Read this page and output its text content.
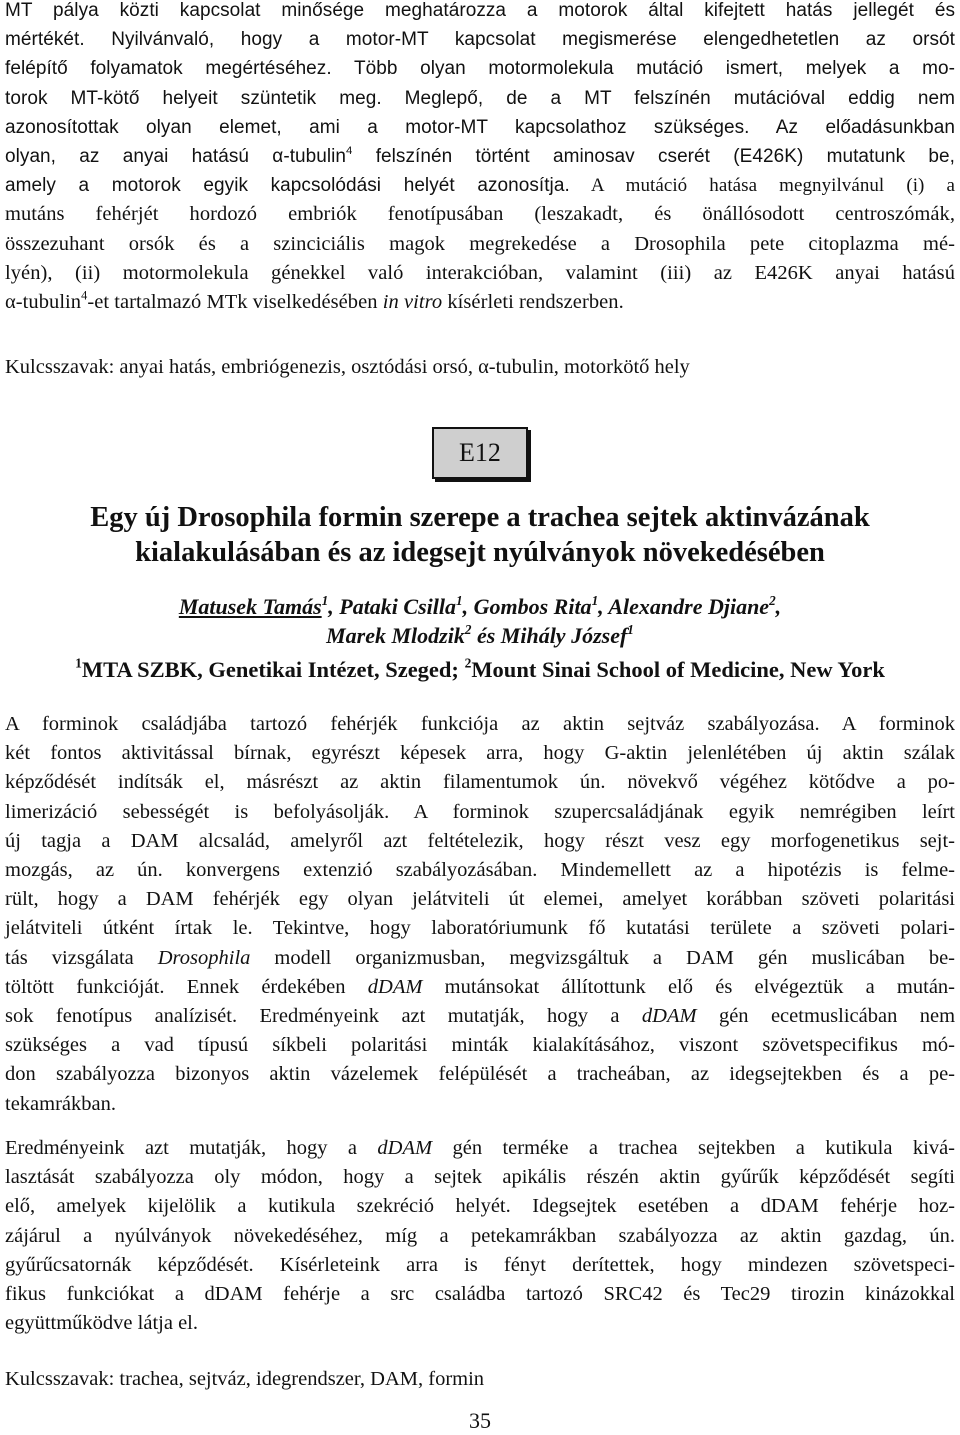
MT pálya közti kapcsolat minősége meghatározza a motorok által kifejtett hatás jellegét és
mértékét. Nyilvánvaló, hogy a motor-MT kapcsolat megismerése elengedhetetlen az orsót
felépítő folyamatok megértéséhez. Több olyan motormolekula mutáció ismert, melyek a mo-
torok MT-kötő helyeit szüntetik meg. Meglepő, de a MT felszínén mutációval eddig nem
azonosítottak olyan elemet, ami a motor-MT kapcsolathoz szükséges. Az előadásunkban
olyan, az anyai hatású α-tubulin$^4$ felszínén történt aminosav cserét (E426K) mutatunk be,
amely a motorok egyik kapcsolódási helyét azonosítja. A mutáció hatása megnyilvánul (i) a
mutáns fehérjét hordozó embriók fenotípusában (leszakadt, és önállósodott centroszómák,
összezuhant orsók és a szinciciális magok megrekedése a Drosophila pete citoplazma mé-
lyén), (ii) motormolekula génekkel való interakcióban, valamint (iii) az E426K anyai hatású
α-tubulin$^4$-et tartalmazó MTk viselkedésében in vitro kísérleti rendszerben.

Kulcsszavak: anyai hatás, embriógenezis, osztódási orsó, α-tubulin, motorkötő hely

E12
Egy új Drosophila formin szerepe a trachea sejtek aktinvázának
kialakulásában és az idegsejt nyúlványok növekedésében
Matusek Tamás$^1$, Pataki Csilla$^1$, Gombos Rita$^1$, Alexandre Djiane$^2$,
Marek Mlodzik$^2$ és Mihály József$^1$
$^1$MTA SZBK, Genetikai Intézet, Szeged; $^2$Mount Sinai School of Medicine, New York
A forminok családjába tartozó fehérjék funkciója az aktin sejtváz szabályozása. A forminok
két fontos aktivitással bírnak, egyrészt képesek arra, hogy G-aktin jelenlétében új aktin szálak
képződését indítsák el, másrészt az aktin filamentumok ún. növekvő végéhez kötődve a po-
limerizáció sebességét is befolyásolják. A forminok szupercsaládjának egyik nemrégiben leírt
új tagja a DAM alcsalád, amelyről azt feltételezik, hogy részt vesz egy morfogenetikus sejt-
mozgás, az ún. konvergens extenzió szabályozásában. Mindemellett az a hipotézis is felme-
rült, hogy a DAM fehérjék egy olyan jelátviteli út elemei, amelyet korábban szöveti polaritási
jelátviteli útként írtak le. Tekintve, hogy laboratóriumunk fő kutatási területe a szöveti polari-
tás vizsgálata Drosophila modell organizmusban, megvizsgáltuk a DAM gén muslicában be-
töltött funkcióját. Ennek érdekében dDAM mutánsokat állítottunk elő és elvégeztük a mután-
sok fenotípus analízisét. Eredményeink azt mutatják, hogy a dDAM gén ecetmuslicában nem
szükséges a vad típusú síkbeli polaritási minták kialakításához, viszont szövetspecifikus mó-
don szabályozza bizonyos aktin vázelemek felépülését a tracheában, az idegsejtekben és a pe-
tekamrákban.
Eredményeink azt mutatják, hogy a dDAM gén terméke a trachea sejtekben a kutikula kivá-
lasztását szabályozza oly módon, hogy a sejtek apikális részén aktin gyűrűk képződését segíti
elő, amelyek kijelölik a kutikula szekréció helyét. Idegsejtek esetében a dDAM fehérje hoz-
zájárul a nyúlványok növekedéséhez, míg a petekamrákban szabályozza az aktin gazdag, ún.
gyűrűcsatornák képződését. Kísérleteink arra is fényt derítettek, hogy mindezen szövetspeci-
fikus funkciókat a dDAM fehérje a src családba tartozó SRC42 és Tec29 tirozin kinázokkal
együttműködve látja el.

Kulcsszavak: trachea, sejtváz, idegrendszer, DAM, formin

35
